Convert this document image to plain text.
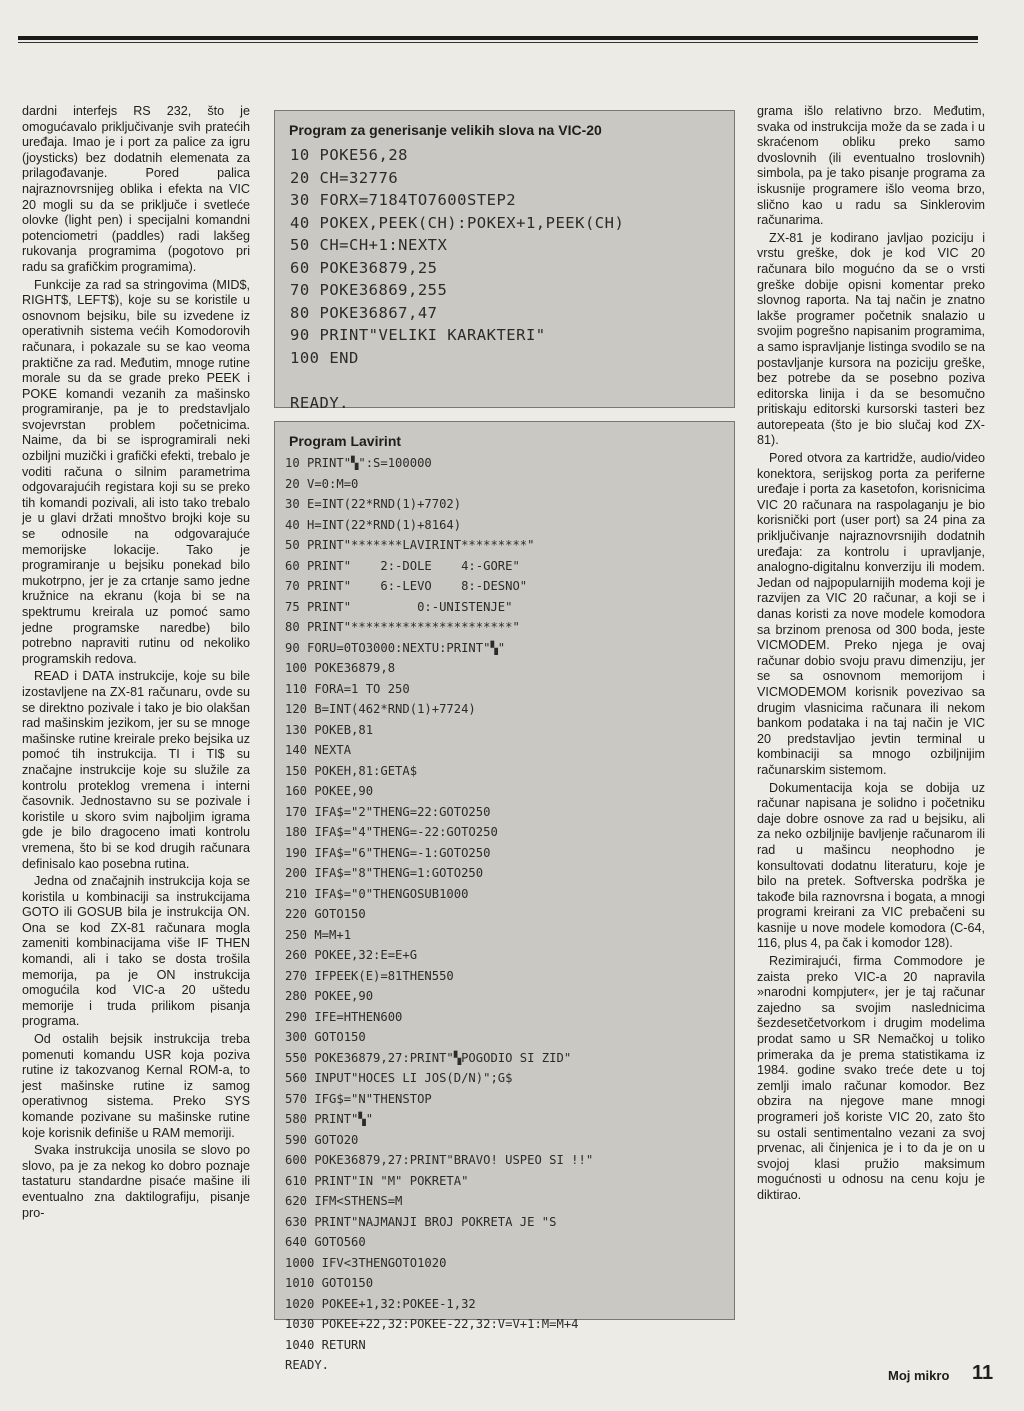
dardni interfejs RS 232, što je omogućavalo priključivanje svih pratećih uređaja. Imao je i port za palice za igru (joysticks) bez dodatnih elemenata za prilagođavanje. Pored palica najraznovrsnijeg oblika i efekta na VIC 20 mogli su da se priključe i svetleće olovke (light pen) i specijalni komandni potenciometri (paddles) radi lakšeg rukovanja programima (pogotovo pri radu sa grafičkim programima).

Funkcije za rad sa stringovima (MID$, RIGHT$, LEFT$), koje su se koristile u osnovnom bejsiku, bile su izvedene iz operativnih sistema većih Komodorovih računara, i pokazale su se kao veoma praktične za rad. Međutim, mnoge rutine morale su da se grade preko PEEK i POKE komandi vezanih za mašinsko programiranje, pa je to predstavljalo svojevrstan problem početnicima. Naime, da bi se isprogramirali neki ozbiljni muzički i grafički efekti, trebalo je voditi računa o silnim parametrima odgovarajućih registara koji su se preko tih komandi pozivali, ali isto tako trebalo je u glavi držati mnoštvo brojki koje su se odnosile na odgovarajuće memorijske lokacije. Tako je programiranje u bejsiku ponekad bilo mukotrpno, jer je za crtanje samo jedne kružnice na ekranu (koja bi se na spektrumu kreirala uz pomoć samo jedne programske naredbe) bilo potrebno napraviti rutinu od nekoliko programskih redova.

READ i DATA instrukcije, koje su bile izostavljene na ZX-81 računaru, ovde su se direktno pozivale i tako je bio olakšan rad mašinskim jezikom, jer su se mnoge mašinske rutine kreirale preko bejsika uz pomoć tih instrukcija. TI i TI$ su značajne instrukcije koje su služile za kontrolu proteklog vremena i interni časovnik. Jednostavno su se pozivale i koristile u skoro svim najboljim igrama gde je bilo dragoceno imati kontrolu vremena, što bi se kod drugih računara definisalo kao posebna rutina.

Jedna od značajnih instrukcija koja se koristila u kombinaciji sa instrukcijama GOTO ili GOSUB bila je instrukcija ON. Ona se kod ZX-81 računara mogla zameniti kombinacijama više IF THEN komandi, ali i tako se dosta trošila memorija, pa je ON instrukcija omogućila kod VIC-a 20 uštedu memorije i truda prilikom pisanja programa.

Od ostalih bejsik instrukcija treba pomenuti komandu USR koja poziva rutine iz takozvanog Kernal ROM-a, to jest mašinske rutine iz samog operativnog sistema. Preko SYS komande pozivane su mašinske rutine koje korisnik definiše u RAM memoriji.

Svaka instrukcija unosila se slovo po slovo, pa je za nekog ko dobro poznaje tastaturu standardne pisaće mašine ili eventualno zna daktilografiju, pisanje pro-

Program za generisanje velikih slova na VIC-20
10 POKE56,28
20 CH=32776
30 FORX=7184TO7600STEP2
40 POKEX,PEEK(CH):POKEX+1,PEEK(CH)
50 CH=CH+1:NEXTX
60 POKE36879,25
70 POKE36869,255
80 POKE36867,47
90 PRINT"VELIKI KARAKTERI"
100 END

READY.
Program Lavirint
10 PRINT"▚":S=100000
20 V=0:M=0
30 E=INT(22*RND(1)+7702)
40 H=INT(22*RND(1)+8164)
50 PRINT"*******LAVIRINT*********"
60 PRINT"    2:-DOLE    4:-GORE"
70 PRINT"    6:-LEVO    8:-DESNO"
75 PRINT"         0:-UNISTENJE"
80 PRINT"**********************"
90 FORU=0TO3000:NEXTU:PRINT"▚"
100 POKE36879,8
110 FORA=1 TO 250
120 B=INT(462*RND(1)+7724)
130 POKEB,81
140 NEXTA
150 POKEH,81:GETA$
160 POKEE,90
170 IFA$="2"THENG=22:GOTO250
180 IFA$="4"THENG=-22:GOTO250
190 IFA$="6"THENG=-1:GOTO250
200 IFA$="8"THENG=1:GOTO250
210 IFA$="0"THENGOSUB1000
220 GOTO150
250 M=M+1
260 POKEE,32:E=E+G
270 IFPEEK(E)=81THEN550
280 POKEE,90
290 IFE=HTHEN600
300 GOTO150
550 POKE36879,27:PRINT"▚POGODIO SI ZID"
560 INPUT"HOCES LI JOS(D/N)";G$
570 IFG$="N"THENSTOP
580 PRINT"▚"
590 GOTO20
600 POKE36879,27:PRINT"BRAVO! USPEO SI !!"
610 PRINT"IN "M" POKRETA"
620 IFM<STHENS=M
630 PRINT"NAJMANJI BROJ POKRETA JE "S
640 GOTO560
1000 IFV<3THENGOTO1020
1010 GOTO150
1020 POKEE+1,32:POKEE-1,32
1030 POKEE+22,32:POKEE-22,32:V=V+1:M=M+4
1040 RETURN
READY.

grama išlo relativno brzo. Međutim, svaka od instrukcija može da se zada i u skraćenom obliku preko samo dvoslovnih (ili eventualno troslovnih) simbola, pa je tako pisanje programa za iskusnije programere išlo veoma brzo, slično kao u radu sa Sinklerovim računarima.

ZX-81 je kodirano javljao poziciju i vrstu greške, dok je kod VIC 20 računara bilo mogućno da se o vrsti greške dobije opisni komentar preko slovnog raporta. Na taj način je znatno lakše programer početnik snalazio u svojim pogrešno napisanim programima, a samo ispravljanje listinga svodilo se na postavljanje kursora na poziciju greške, bez potrebe da se posebno poziva editorska linija i da se besomučno pritiskaju editorski kursorski tasteri bez autorepeata (što je bio slučaj kod ZX-81).

Pored otvora za kartridže, audio/video konektora, serijskog porta za periferne uređaje i porta za kasetofon, korisnicima VIC 20 računara na raspolaganju je bio korisnički port (user port) sa 24 pina za priključivanje najraznovrsnijih dodatnih uređaja: za kontrolu i upravljanje, analogno-digitalnu konverziju ili modem. Jedan od najpopularnijih modema koji je razvijen za VIC 20 računar, a koji se i danas koristi za nove modele komodora sa brzinom prenosa od 300 boda, jeste VICMODEM. Preko njega je ovaj računar dobio svoju pravu dimenziju, jer se sa osnovnom memorijom i VICMODEMOM korisnik povezivao sa drugim vlasnicima računara ili nekom bankom podataka i na taj način je VIC 20 predstavljao jevtin terminal u kombinaciji sa mnogo ozbiljnijim računarskim sistemom.

Dokumentacija koja se dobija uz računar napisana je solidno i početniku daje dobre osnove za rad u bejsiku, ali za neko ozbiljnije bavljenje računarom ili rad u mašincu neophodno je konsultovati dodatnu literaturu, koje je bilo na pretek. Softverska podrška je takođe bila raznovrsna i bogata, a mnogi programi kreirani za VIC prebačeni su kasnije u nove modele komodora (C-64, 116, plus 4, pa čak i komodor 128).

Rezimirajući, firma Commodore je zaista preko VIC-a 20 napravila »narodni kompjuter«, jer je taj računar zajedno sa svojim naslednicima šezdesetčetvorkom i drugim modelima prodat samo u SR Nemačkoj u toliko primeraka da je prema statistikama iz 1984. godine svako treće dete u toj zemlji imalo računar komodor. Bez obzira na njegove mane mnogi programeri još koriste VIC 20, zato što su ostali sentimentalno vezani za svoj prvenac, ali činjenica je i to da je on u svojoj klasi pružio maksimum mogućnosti u odnosu na cenu koju je diktirao.

Moj mikro 11
